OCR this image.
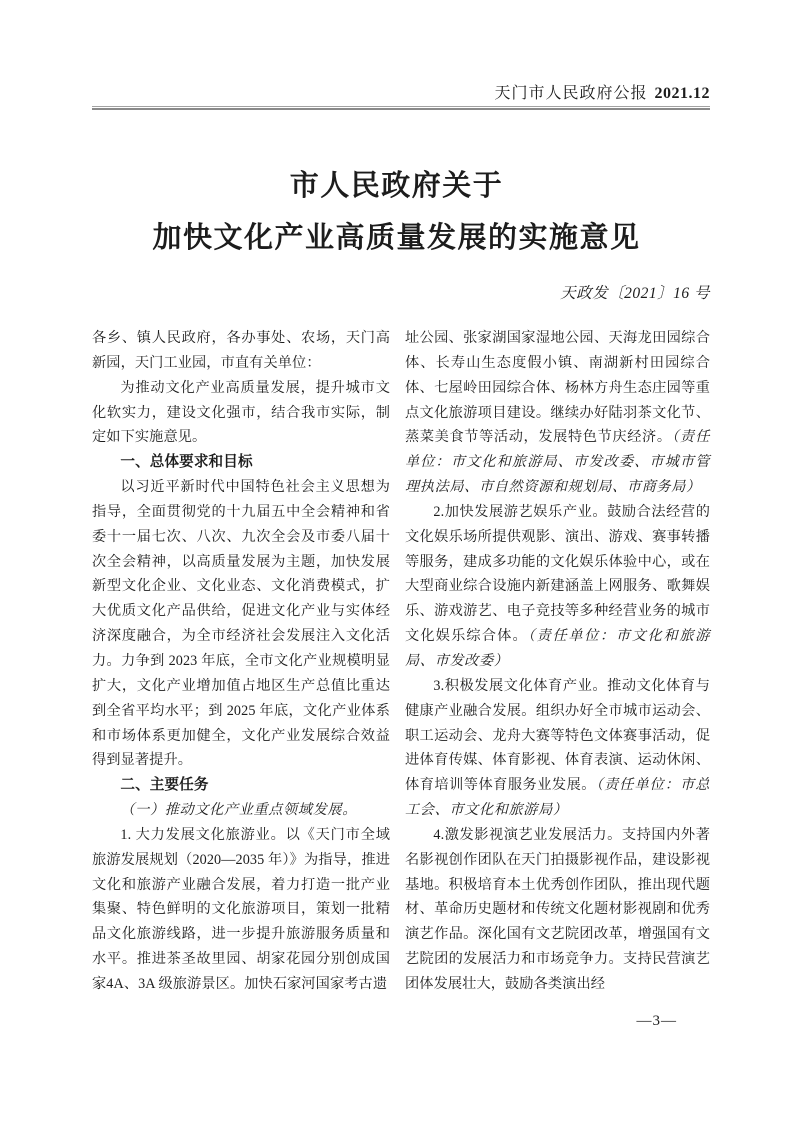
天门市人民政府公报 2021.12
市人民政府关于
加快文化产业高质量发展的实施意见
天政发〔2021〕16 号

各乡、镇人民政府，各办事处、农场，天门高新园，天门工业园，市直有关单位：

为推动文化产业高质量发展，提升城市文化软实力，建设文化强市，结合我市实际，制定如下实施意见。

一、总体要求和目标

以习近平新时代中国特色社会主义思想为指导，全面贯彻党的十九届五中全会精神和省委十一届七次、八次、九次全会及市委八届十次全会精神，以高质量发展为主题，加快发展新型文化企业、文化业态、文化消费模式，扩大优质文化产品供给，促进文化产业与实体经济深度融合，为全市经济社会发展注入文化活力。力争到 2023 年底，全市文化产业规模明显扩大，文化产业增加值占地区生产总值比重达到全省平均水平；到 2025 年底，文化产业体系和市场体系更加健全，文化产业发展综合效益得到显著提升。

二、主要任务

（一）推动文化产业重点领域发展。

1. 大力发展文化旅游业。以《天门市全域旅游发展规划（2020—2035 年）》为指导，推进文化和旅游产业融合发展，着力打造一批产业集聚、特色鲜明的文化旅游项目，策划一批精品文化旅游线路，进一步提升旅游服务质量和水平。推进茶圣故里园、胡家花园分别创成国家4A、3A 级旅游景区。加快石家河国家考古遗

址公园、张家湖国家湿地公园、天海龙田园综合体、长寿山生态度假小镇、南湖新村田园综合体、七屋岭田园综合体、杨林方舟生态庄园等重点文化旅游项目建设。继续办好陆羽茶文化节、蒸菜美食节等活动，发展特色节庆经济。（责任单位：市文化和旅游局、市发改委、市城市管理执法局、市自然资源和规划局、市商务局）

2.加快发展游艺娱乐产业。鼓励合法经营的文化娱乐场所提供观影、演出、游戏、赛事转播等服务，建成多功能的文化娱乐体验中心，或在大型商业综合设施内新建涵盖上网服务、歌舞娱乐、游戏游艺、电子竞技等多种经营业务的城市文化娱乐综合体。（责任单位：市文化和旅游局、市发改委）

3.积极发展文化体育产业。推动文化体育与健康产业融合发展。组织办好全市城市运动会、职工运动会、龙舟大赛等特色文体赛事活动，促进体育传媒、体育影视、体育表演、运动休闲、体育培训等体育服务业发展。（责任单位：市总工会、市文化和旅游局）

4.激发影视演艺业发展活力。支持国内外著名影视创作团队在天门拍摄影视作品，建设影视基地。积极培育本土优秀创作团队，推出现代题材、革命历史题材和传统文化题材影视剧和优秀演艺作品。深化国有文艺院团改革，增强国有文艺院团的发展活力和市场竞争力。支持民营演艺团体发展壮大，鼓励各类演出经

—3—
